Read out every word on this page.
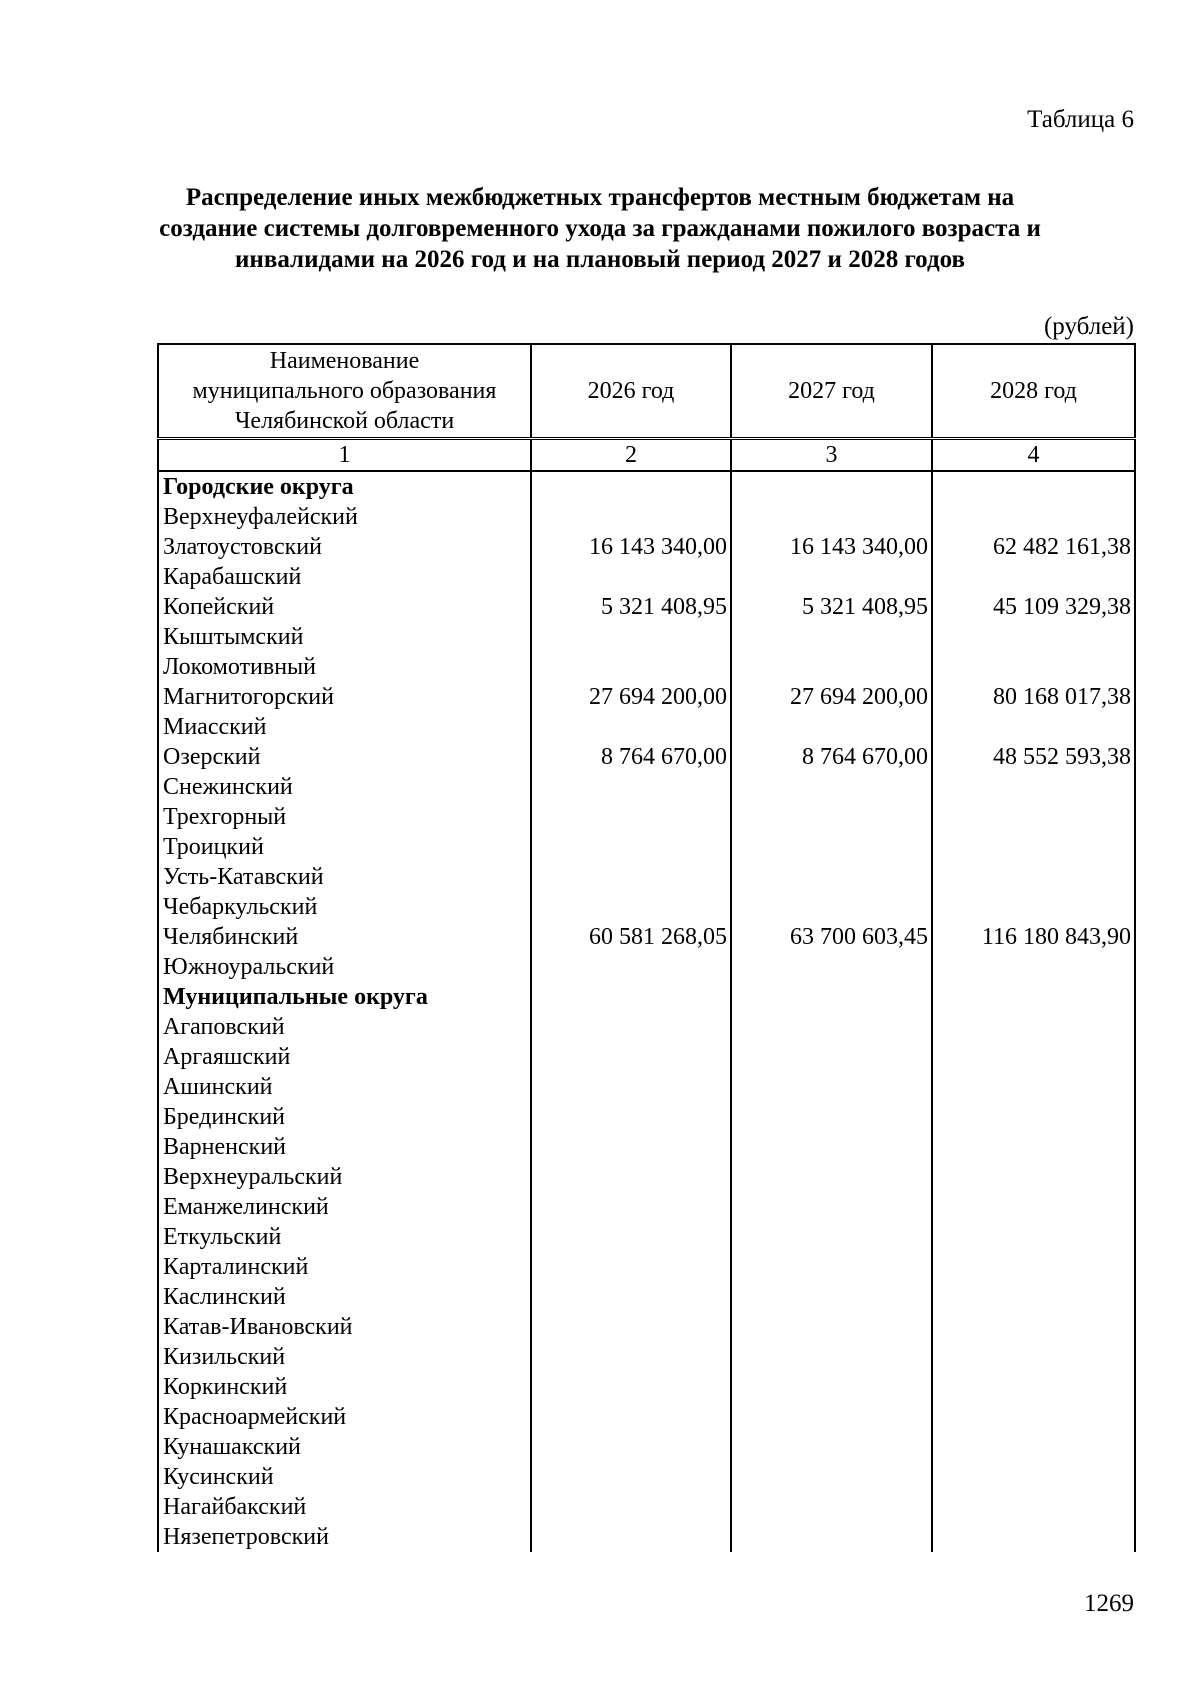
Таблица 6
Распределение иных межбюджетных трансфертов местным бюджетам на
создание системы долговременного ухода за гражданами пожилого возраста и
инвалидами на 2026 год и на плановый период 2027 и 2028 годов
(рублей)
Наименование
муниципального образования
Челябинской области	2026 год	2027 год	2028 год
1	2	3	4
Городские округа			
Верхнеуфалейский			
Златоустовский	16 143 340,00	16 143 340,00	62 482 161,38
Карабашский			
Копейский	5 321 408,95	5 321 408,95	45 109 329,38
Кыштымский			
Локомотивный			
Магнитогорский	27 694 200,00	27 694 200,00	80 168 017,38
Миасский			
Озерский	8 764 670,00	8 764 670,00	48 552 593,38
Снежинский			
Трехгорный			
Троицкий			
Усть-Катавский			
Чебаркульский			
Челябинский	60 581 268,05	63 700 603,45	116 180 843,90
Южноуральский			
Муниципальные округа			
Агаповский			
Аргаяшский			
Ашинский			
Брединский			
Варненский			
Верхнеуральский			
Еманжелинский			
Еткульский			
Карталинский			
Каслинский			
Катав-Ивановский			
Кизильский			
Коркинский			
Красноармейский			
Кунашакский			
Кусинский			
Нагайбакский			
Нязепетровский			
1269
